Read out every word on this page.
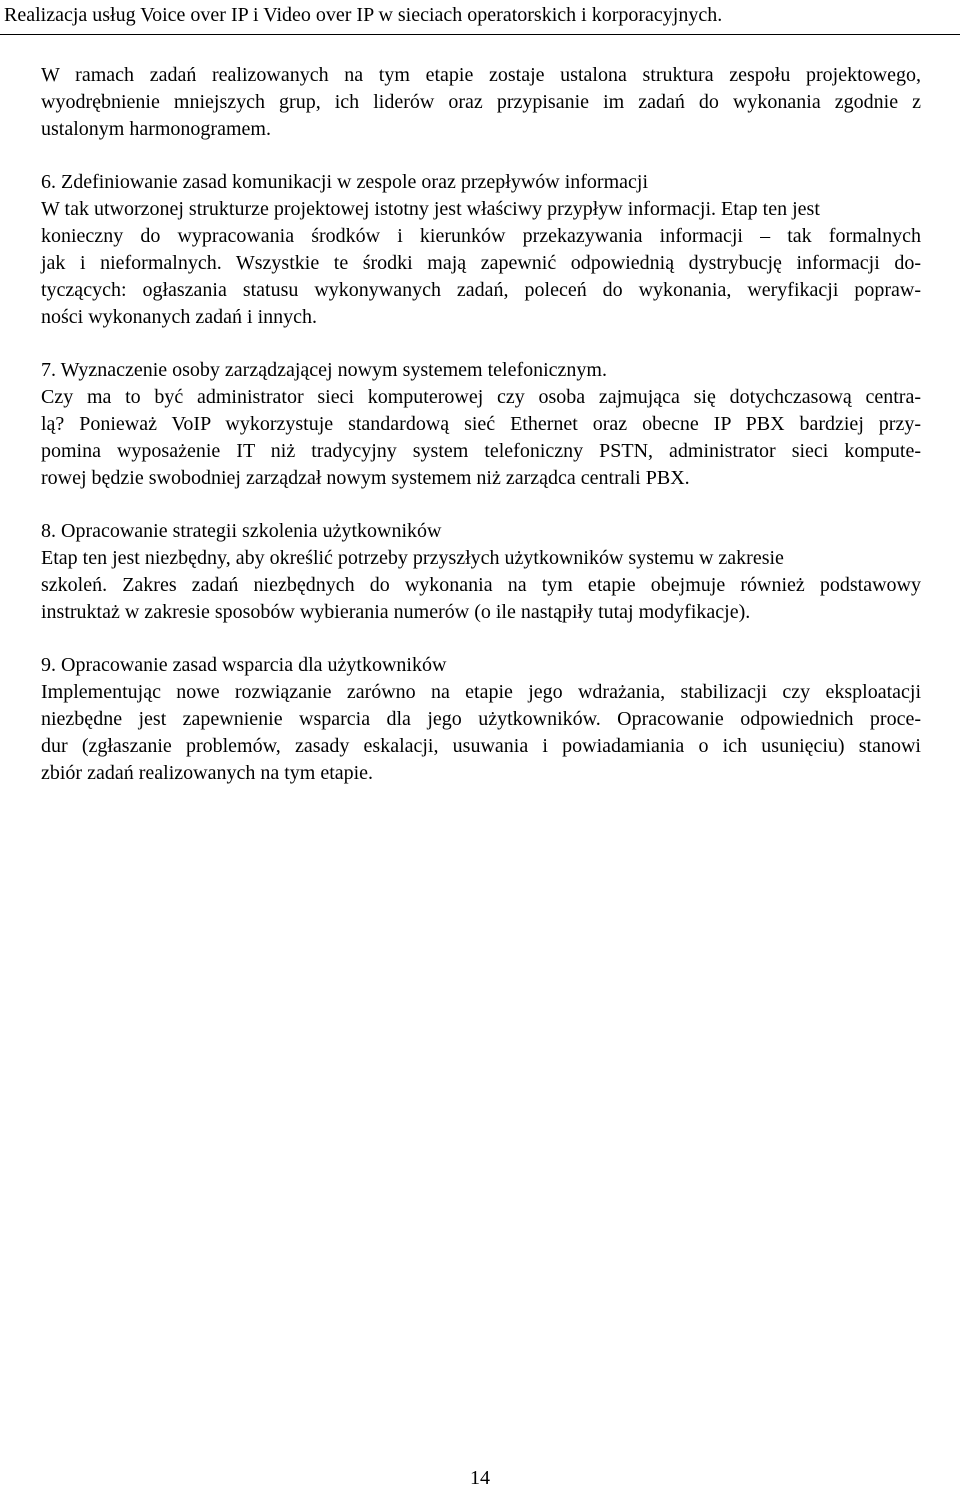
Realizacja usług Voice over IP i Video over IP w sieciach operatorskich i korporacyjnych.

W ramach zadań realizowanych na tym etapie zostaje ustalona struktura zespołu projektowego,
wyodrębnienie mniejszych grup, ich liderów oraz przypisanie im zadań do wykonania zgodnie z
ustalonym harmonogramem.

6. Zdefiniowanie zasad komunikacji w zespole oraz przepływów informacji
W tak utworzonej strukturze projektowej istotny jest właściwy przypływ informacji. Etap ten jest
konieczny do wypracowania środków i kierunków przekazywania informacji – tak formalnych
jak i nieformalnych. Wszystkie te środki mają zapewnić odpowiednią dystrybucję informacji do-
tyczących: ogłaszania statusu wykonywanych zadań, poleceń do wykonania, weryfikacji popraw-
ności wykonanych zadań i innych.

7. Wyznaczenie osoby zarządzającej nowym systemem telefonicznym.
Czy ma to być administrator sieci komputerowej czy osoba zajmująca się dotychczasową centra-
lą? Ponieważ VoIP wykorzystuje standardową sieć Ethernet oraz obecne IP PBX bardziej przy-
pomina wyposażenie IT niż tradycyjny system telefoniczny PSTN, administrator sieci kompute-
rowej będzie swobodniej zarządzał nowym systemem niż zarządca centrali PBX.

8. Opracowanie strategii szkolenia użytkowników
Etap ten jest niezbędny, aby określić potrzeby przyszłych użytkowników systemu w zakresie
szkoleń. Zakres zadań niezbędnych do wykonania na tym etapie obejmuje również podstawowy
instruktaż w zakresie sposobów wybierania numerów (o ile nastąpiły tutaj modyfikacje).

9. Opracowanie zasad wsparcia dla użytkowników
Implementując nowe rozwiązanie zarówno na etapie jego wdrażania, stabilizacji czy eksploatacji
niezbędne jest zapewnienie wsparcia dla jego użytkowników. Opracowanie odpowiednich proce-
dur (zgłaszanie problemów, zasady eskalacji, usuwania i powiadamiania o ich usunięciu) stanowi
zbiór zadań realizowanych na tym etapie.

14
